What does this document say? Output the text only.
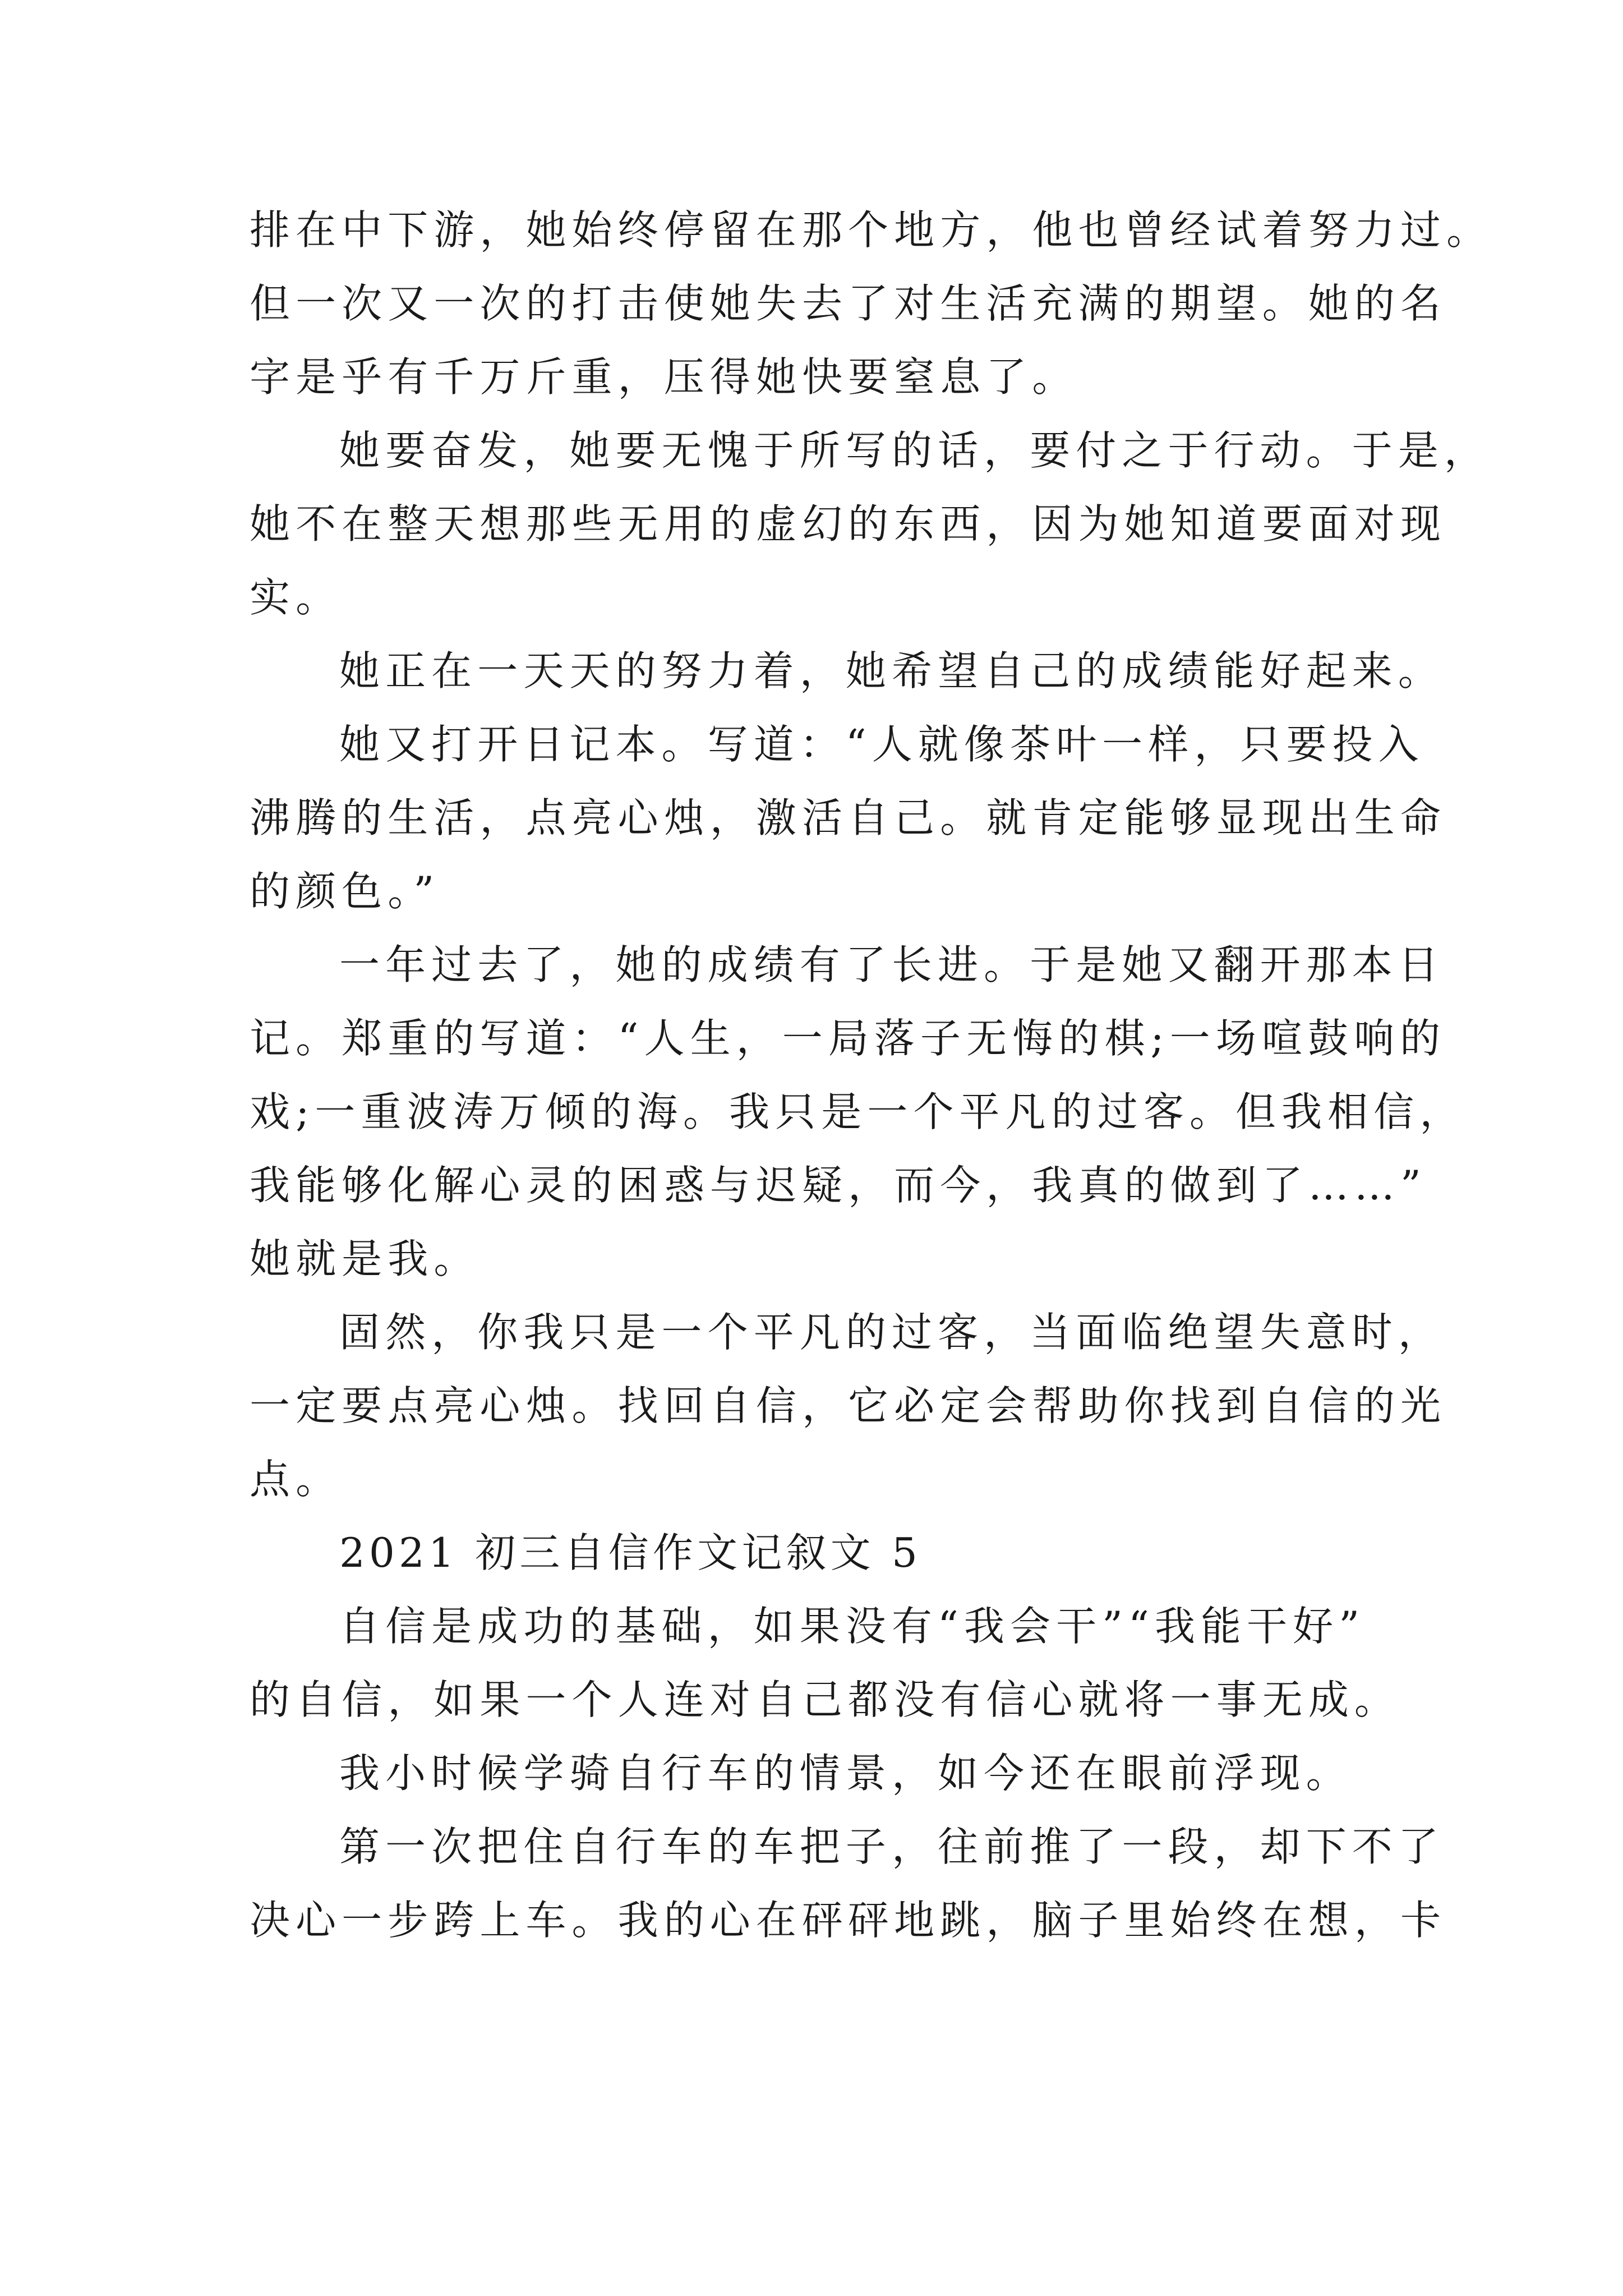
排在中下游，她始终停留在那个地方，他也曾经试着努力过。
但一次又一次的打击使她失去了对生活充满的期望。她的名
字是乎有千万斤重，压得她快要窒息了。
她要奋发，她要无愧于所写的话，要付之于行动。于是，
她不在整天想那些无用的虚幻的东西，因为她知道要面对现
实。
她正在一天天的努力着，她希望自己的成绩能好起来。
她又打开日记本。写道：“人就像茶叶一样，只要投入
沸腾的生活，点亮心烛，激活自己。就肯定能够显现出生命
的颜色。”
一年过去了，她的成绩有了长进。于是她又翻开那本日
记。郑重的写道：“人生，一局落子无悔的棋;一场喧鼓响的
戏;一重波涛万倾的海。我只是一个平凡的过客。但我相信，
我能够化解心灵的困惑与迟疑，而今，我真的做到了……”
她就是我。
固然，你我只是一个平凡的过客，当面临绝望失意时，
一定要点亮心烛。找回自信，它必定会帮助你找到自信的光
点。
2021 初三自信作文记叙文 5
自信是成功的基础，如果没有“我会干”“我能干好”
的自信，如果一个人连对自己都没有信心就将一事无成。
我小时候学骑自行车的情景，如今还在眼前浮现。
第一次把住自行车的车把子，往前推了一段，却下不了
决心一步跨上车。我的心在砰砰地跳，脑子里始终在想，卡
